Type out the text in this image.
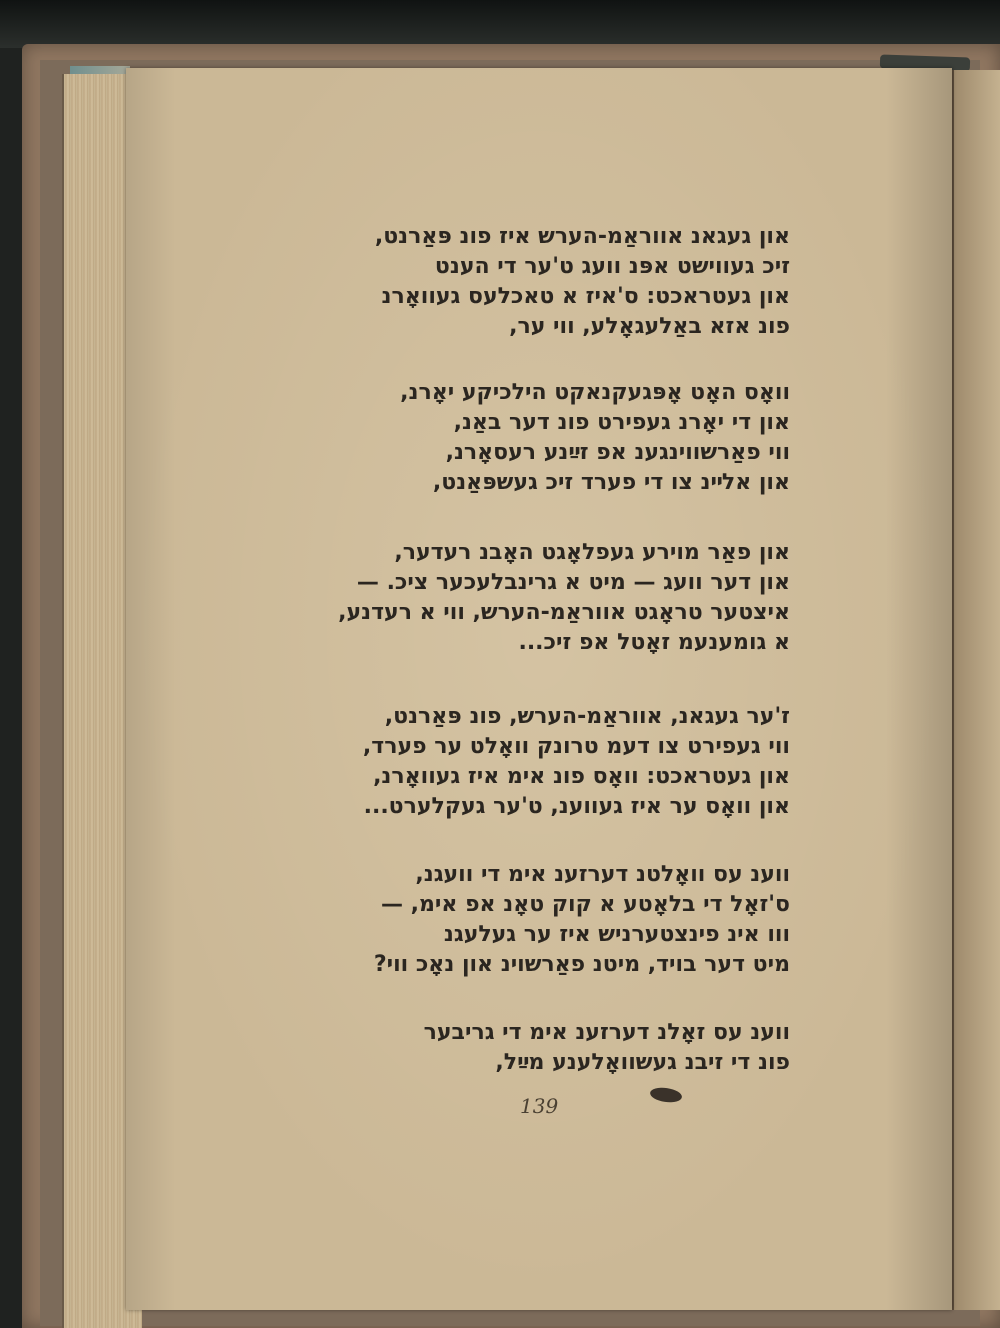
און געגאנ אווראַמ-הערש איז פונ פּאַרנט,
זיכ געווישט אפּנ וועג ט'ער די הענט
און געטראכט: ס'איז א טאכלעס געוואָרנ
פונ אזא באַלעגאָלע, ווי ער,
וואָס האָט אָפּגעקנאקט הילכיקע יאָרנ,
און די יאָרנ געפירט פונ דער באַנ,
ווי פאַרשווינגענ אפ זײַנע רעסאָרנ,
און אלײנ צו די פערד זיכ געשפּאַנט,
און פאַר מוירע געפלאָגט האָבנ רעדער,
און דער וועג — מיט א גרינבלעכער ציכ. —
איצטער טראָגט אווראַמ-הערש, ווי א רעדנע,
א גומענעמ זאָטל אפ זיכ...
ז'ער געגאנ, אווראַמ-הערש, פונ פּאַרנט,
ווי געפירט צו דעמ טרונק וואָלט ער פערד,
און געטראכט: וואָס פונ אימ איז געוואָרנ,
און וואָס ער איז געווענ, ט'ער געקלערט...
ווענ עס וואָלטנ דערזענ אימ די וועגנ,
ס'זאָל די בלאָטע א קוק טאָנ אפ אימ, —
ווו אינ פינצטערניש איז ער געלעגנ
מיט דער בויד, מיטנ פאַרשוינ און נאָכ ווי?
ווענ עס זאָלנ דערזענ אימ די גריבער
פונ די זיבנ געשוואָלענע מײַל,
139
